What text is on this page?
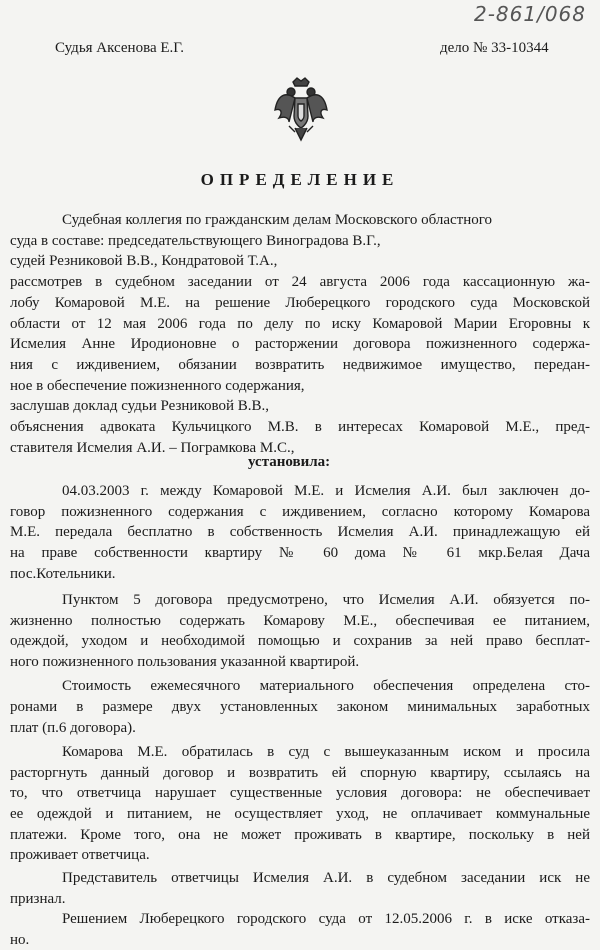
2-861/068
Судья Аксенова Е.Г.	дело № 33-10344
ОПРЕДЕЛЕНИЕ
Судебная коллегия по гражданским делам Московского областного
суда в составе: председательствующего Виноградова В.Г.,
судей Резниковой В.В., Кондратовой Т.А.,
рассмотрев в судебном заседании от 24 августа 2006 года кассационную жа-
лобу Комаровой М.Е. на решение Люберецкого городского суда Московской
области от 12 мая 2006 года по делу по иску Комаровой Марии Егоровны к
Исмелия Анне Иродионовне о расторжении договора пожизненного содержа-
ния с иждивением, обязании возвратить недвижимое имущество, передан-
ное в обеспечение пожизненного содержания,
заслушав доклад судьи Резниковой В.В.,
объяснения адвоката Кульчицкого М.В. в интересах Комаровой М.Е., пред-
ставителя Исмелия А.И. – Пограмкова М.С.,
установила:
04.03.2003 г. между Комаровой М.Е. и Исмелия А.И. был заключен до-
говор пожизненного содержания с иждивением, согласно которому Комарова
М.Е. передала бесплатно в собственность Исмелия А.И. принадлежащую ей
на праве собственности квартиру № 60 дома № 61 мкр.Белая Дача
пос.Котельники.
Пунктом 5 договора предусмотрено, что Исмелия А.И. обязуется по-
жизненно полностью содержать Комарову М.Е., обеспечивая ее питанием,
одеждой, уходом и необходимой помощью и сохранив за ней право бесплат-
ного пожизненного пользования указанной квартирой.
Стоимость ежемесячного материального обеспечения определена сто-
ронами в размере двух установленных законом минимальных заработных
плат (п.6 договора).
Комарова М.Е. обратилась в суд с вышеуказанным иском и просила
расторгнуть данный договор и возвратить ей спорную квартиру, ссылаясь на
то, что ответчица нарушает существенные условия договора: не обеспечивает
ее одеждой и питанием, не осуществляет уход, не оплачивает коммунальные
платежи. Кроме того, она не может проживать в квартире, поскольку в ней
проживает ответчица.
Представитель ответчицы Исмелия А.И. в судебном заседании иск не
признал.
Решением Люберецкого городского суда от 12.05.2006 г. в иске отказа-
но.
